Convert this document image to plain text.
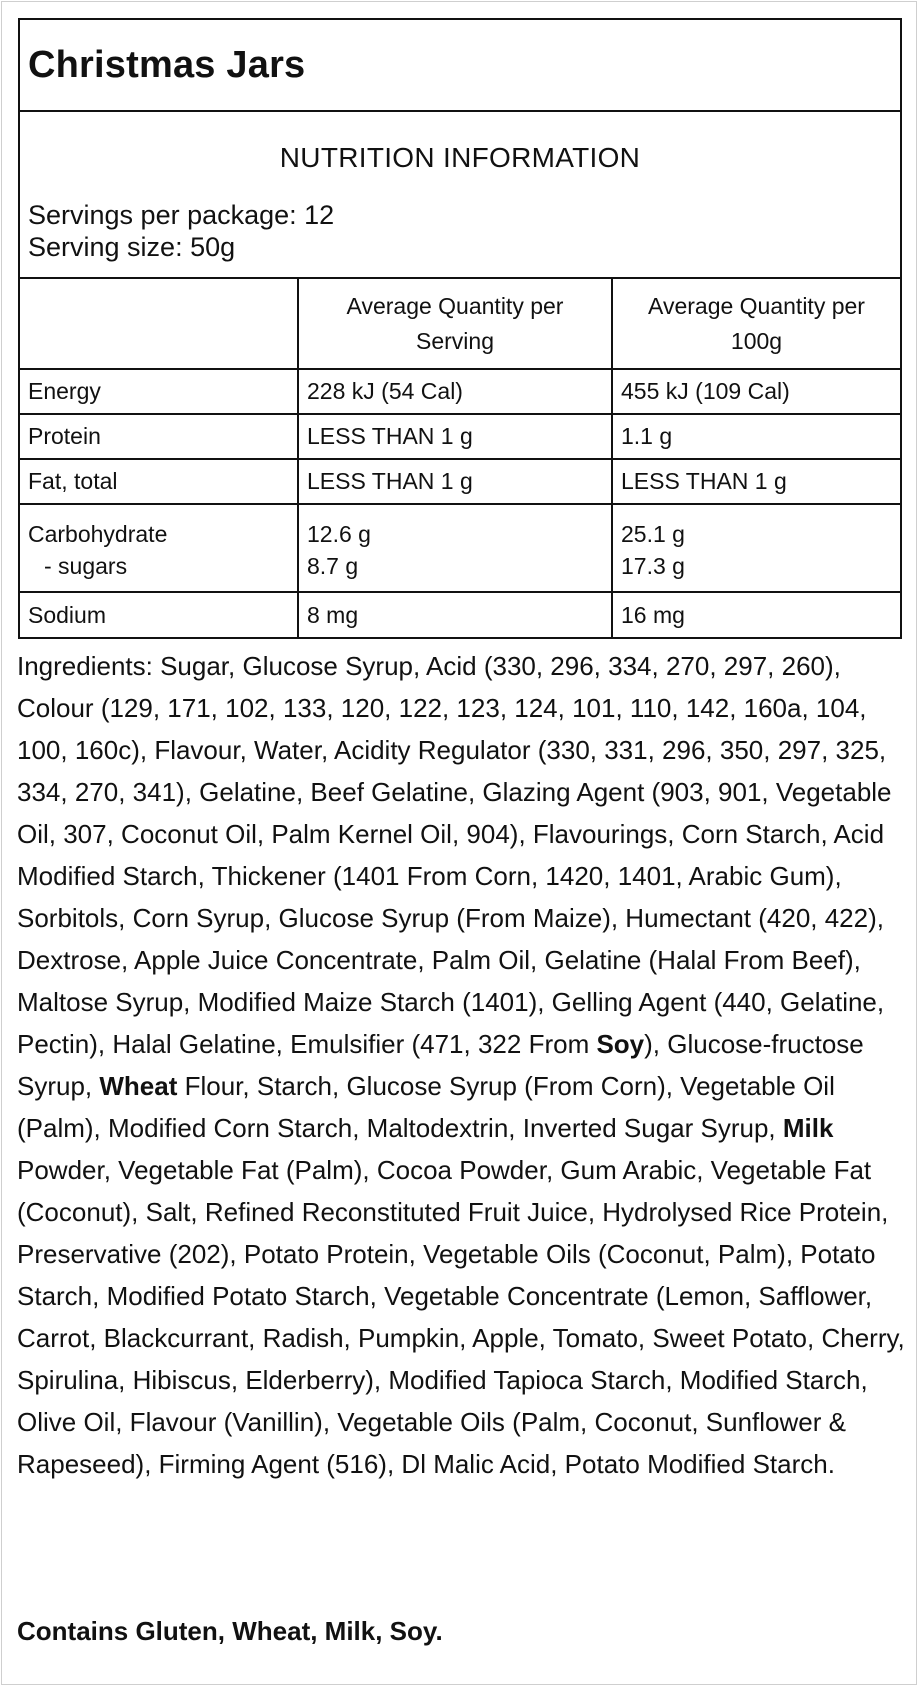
Christmas Jars
NUTRITION INFORMATION
Servings per package: 12
Serving size: 50g
	Average Quantity per Serving	Average Quantity per 100g
Energy	228 kJ (54 Cal)	455 kJ (109 Cal)
Protein	LESS THAN 1 g	1.1 g
Fat, total	LESS THAN 1 g	LESS THAN 1 g
Carbohydrate	12.6 g	25.1 g
- sugars	8.7 g	17.3 g
Sodium	8 mg	16 mg

Ingredients: Sugar, Glucose Syrup, Acid (330, 296, 334, 270, 297, 260), Colour (129, 171, 102, 133, 120, 122, 123, 124, 101, 110, 142, 160a, 104, 100, 160c), Flavour, Water, Acidity Regulator (330, 331, 296, 350, 297, 325, 334, 270, 341), Gelatine, Beef Gelatine, Glazing Agent (903, 901, Vegetable Oil, 307, Coconut Oil, Palm Kernel Oil, 904), Flavourings, Corn Starch, Acid Modified Starch, Thickener (1401 From Corn, 1420, 1401, Arabic Gum), Sorbitols, Corn Syrup, Glucose Syrup (From Maize), Humectant (420, 422), Dextrose, Apple Juice Concentrate, Palm Oil, Gelatine (Halal From Beef), Maltose Syrup, Modified Maize Starch (1401), Gelling Agent (440, Gelatine, Pectin), Halal Gelatine, Emulsifier (471, 322 From Soy), Glucose-fructose Syrup, Wheat Flour, Starch, Glucose Syrup (From Corn), Vegetable Oil (Palm), Modified Corn Starch, Maltodextrin, Inverted Sugar Syrup, Milk Powder, Vegetable Fat (Palm), Cocoa Powder, Gum Arabic, Vegetable Fat (Coconut), Salt, Refined Reconstituted Fruit Juice, Hydrolysed Rice Protein, Preservative (202), Potato Protein, Vegetable Oils (Coconut, Palm), Potato Starch, Modified Potato Starch, Vegetable Concentrate (Lemon, Safflower, Carrot, Blackcurrant, Radish, Pumpkin, Apple, Tomato, Sweet Potato, Cherry, Spirulina, Hibiscus, Elderberry), Modified Tapioca Starch, Modified Starch, Olive Oil, Flavour (Vanillin), Vegetable Oils (Palm, Coconut, Sunflower & Rapeseed), Firming Agent (516), Dl Malic Acid, Potato Modified Starch.

Contains Gluten, Wheat, Milk, Soy.
